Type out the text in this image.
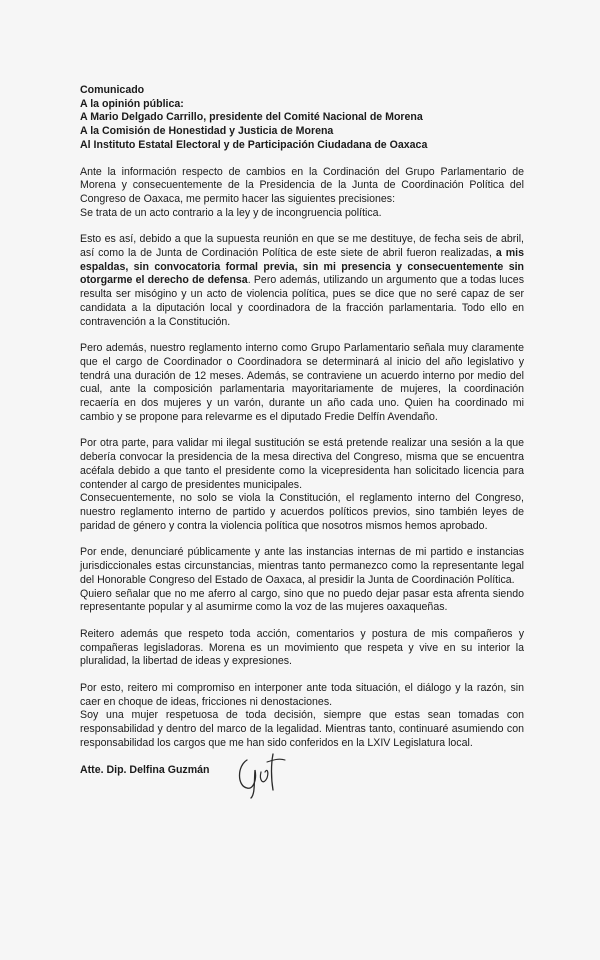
Comunicado

A la opinión pública:

A Mario Delgado Carrillo, presidente del Comité Nacional de Morena

A la Comisión de Honestidad y Justicia de Morena

Al Instituto Estatal Electoral y de Participación Ciudadana de Oaxaca

Ante la información respecto de cambios en la Cordinación del Grupo Parlamentario de Morena y consecuentemente de la Presidencia de la Junta de Coordinación Política del Congreso de Oaxaca, me permito hacer las siguientes precisiones:

Se trata de un acto contrario a la ley y de incongruencia política.

Esto es así, debido a que la supuesta reunión en que se me destituye, de fecha seis de abril, así como la de Junta de Cordinación Política de este siete de abril fueron realizadas, a mis espaldas, sin convocatoria formal previa, sin mi presencia y consecuentemente sin otorgarme el derecho de defensa. Pero además, utilizando un argumento que a todas luces resulta ser misógino y un acto de violencia política, pues se dice que no seré capaz de ser candidata a la diputación local y coordinadora de la fracción parlamentaria. Todo ello en contravención a la Constitución.

Pero además, nuestro reglamento interno como Grupo Parlamentario señala muy claramente que el cargo de Coordinador o Coordinadora se determinará al inicio del año legislativo y tendrá una duración de 12 meses. Además, se contraviene un acuerdo interno por medio del cual, ante la composición parlamentaria mayoritariamente de mujeres, la coordinación recaería en dos mujeres y un varón, durante un año cada uno. Quien ha coordinado mi cambio y se propone para relevarme es el diputado Fredie Delfín Avendaño.

Por otra parte, para validar mi ilegal sustitución se está pretende realizar una sesión a la que debería convocar la presidencia de la mesa directiva del Congreso, misma que se encuentra acéfala debido a que tanto el presidente como la vicepresidenta han solicitado licencia para contender al cargo de presidentes municipales.

Consecuentemente, no solo se viola la Constitución, el reglamento interno del Congreso, nuestro reglamento interno de partido y acuerdos políticos previos, sino también leyes de paridad de género y contra la violencia política que nosotros mismos hemos aprobado.

Por ende, denunciaré públicamente y ante las instancias internas de mi partido e instancias jurisdiccionales estas circunstancias, mientras tanto permanezco como la representante legal del Honorable Congreso del Estado de Oaxaca, al presidir la Junta de Coordinación Política.

Quiero señalar que no me aferro al cargo, sino que no puedo dejar pasar esta afrenta siendo representante popular y al asumirme como la voz de las mujeres oaxaqueñas.

Reitero además que respeto toda acción, comentarios y postura de mis compañeros y compañeras legisladoras. Morena es un movimiento que respeta y vive en su interior la pluralidad, la libertad de ideas y expresiones.

Por esto, reitero mi compromiso en interponer ante toda situación, el diálogo y la razón, sin caer en choque de ideas, fricciones ni denostaciones.

Soy una mujer respetuosa de toda decisión, siempre que estas sean tomadas con responsabilidad y dentro del marco de la legalidad. Mientras tanto, continuaré asumiendo con responsabilidad los cargos que me han sido conferidos en la LXIV Legislatura local.

Atte. Dip. Delfina Guzmán
